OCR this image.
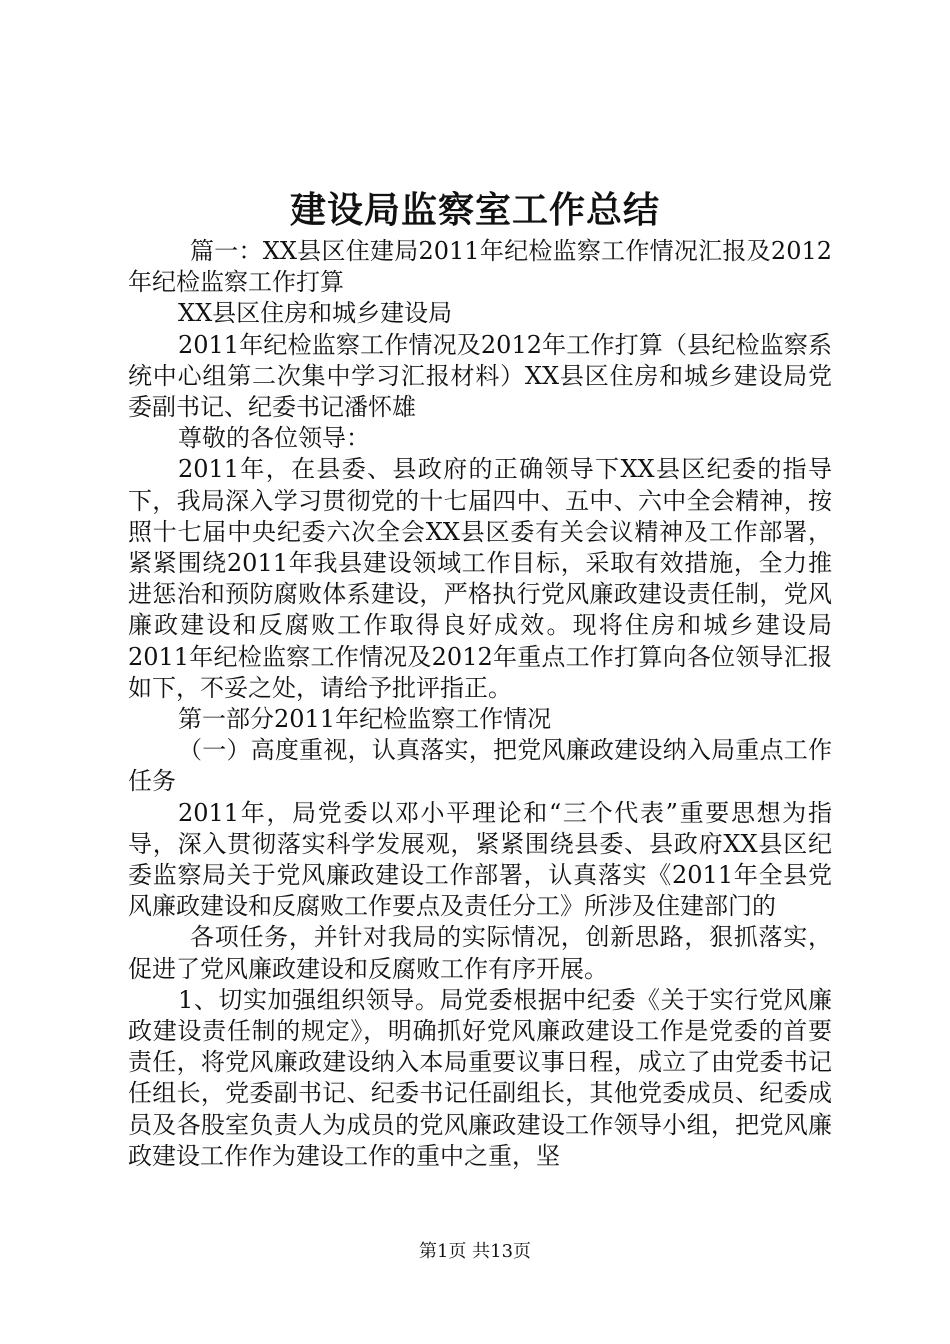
建设局监察室工作总结

篇一：XX县区住建局2011年纪检监察工作情况汇报及2012年纪检监察工作打算

XX县区住房和城乡建设局

2011年纪检监察工作情况及2012年工作打算（县纪检监察系统中心组第二次集中学习汇报材料）XX县区住房和城乡建设局党委副书记、纪委书记潘怀雄

尊敬的各位领导：

2011年，在县委、县政府的正确领导下XX县区纪委的指导下，我局深入学习贯彻党的十七届四中、五中、六中全会精神，按照十七届中央纪委六次全会XX县区委有关会议精神及工作部署，紧紧围绕2011年我县建设领域工作目标，采取有效措施，全力推进惩治和预防腐败体系建设，严格执行党风廉政建设责任制，党风廉政建设和反腐败工作取得良好成效。现将住房和城乡建设局2011年纪检监察工作情况及2012年重点工作打算向各位领导汇报如下，不妥之处，请给予批评指正。

第一部分2011年纪检监察工作情况

（一）高度重视，认真落实，把党风廉政建设纳入局重点工作任务

2011年，局党委以邓小平理论和“三个代表”重要思想为指导，深入贯彻落实科学发展观，紧紧围绕县委、县政府XX县区纪委监察局关于党风廉政建设工作部署，认真落实《2011年全县党风廉政建设和反腐败工作要点及责任分工》所涉及住建部门的

各项任务，并针对我局的实际情况，创新思路，狠抓落实，促进了党风廉政建设和反腐败工作有序开展。

1、切实加强组织领导。局党委根据中纪委《关于实行党风廉政建设责任制的规定》，明确抓好党风廉政建设工作是党委的首要责任，将党风廉政建设纳入本局重要议事日程，成立了由党委书记任组长，党委副书记、纪委书记任副组长，其他党委成员、纪委成员及各股室负责人为成员的党风廉政建设工作领导小组，把党风廉政建设工作作为建设工作的重中之重，坚

第1页 共13页
